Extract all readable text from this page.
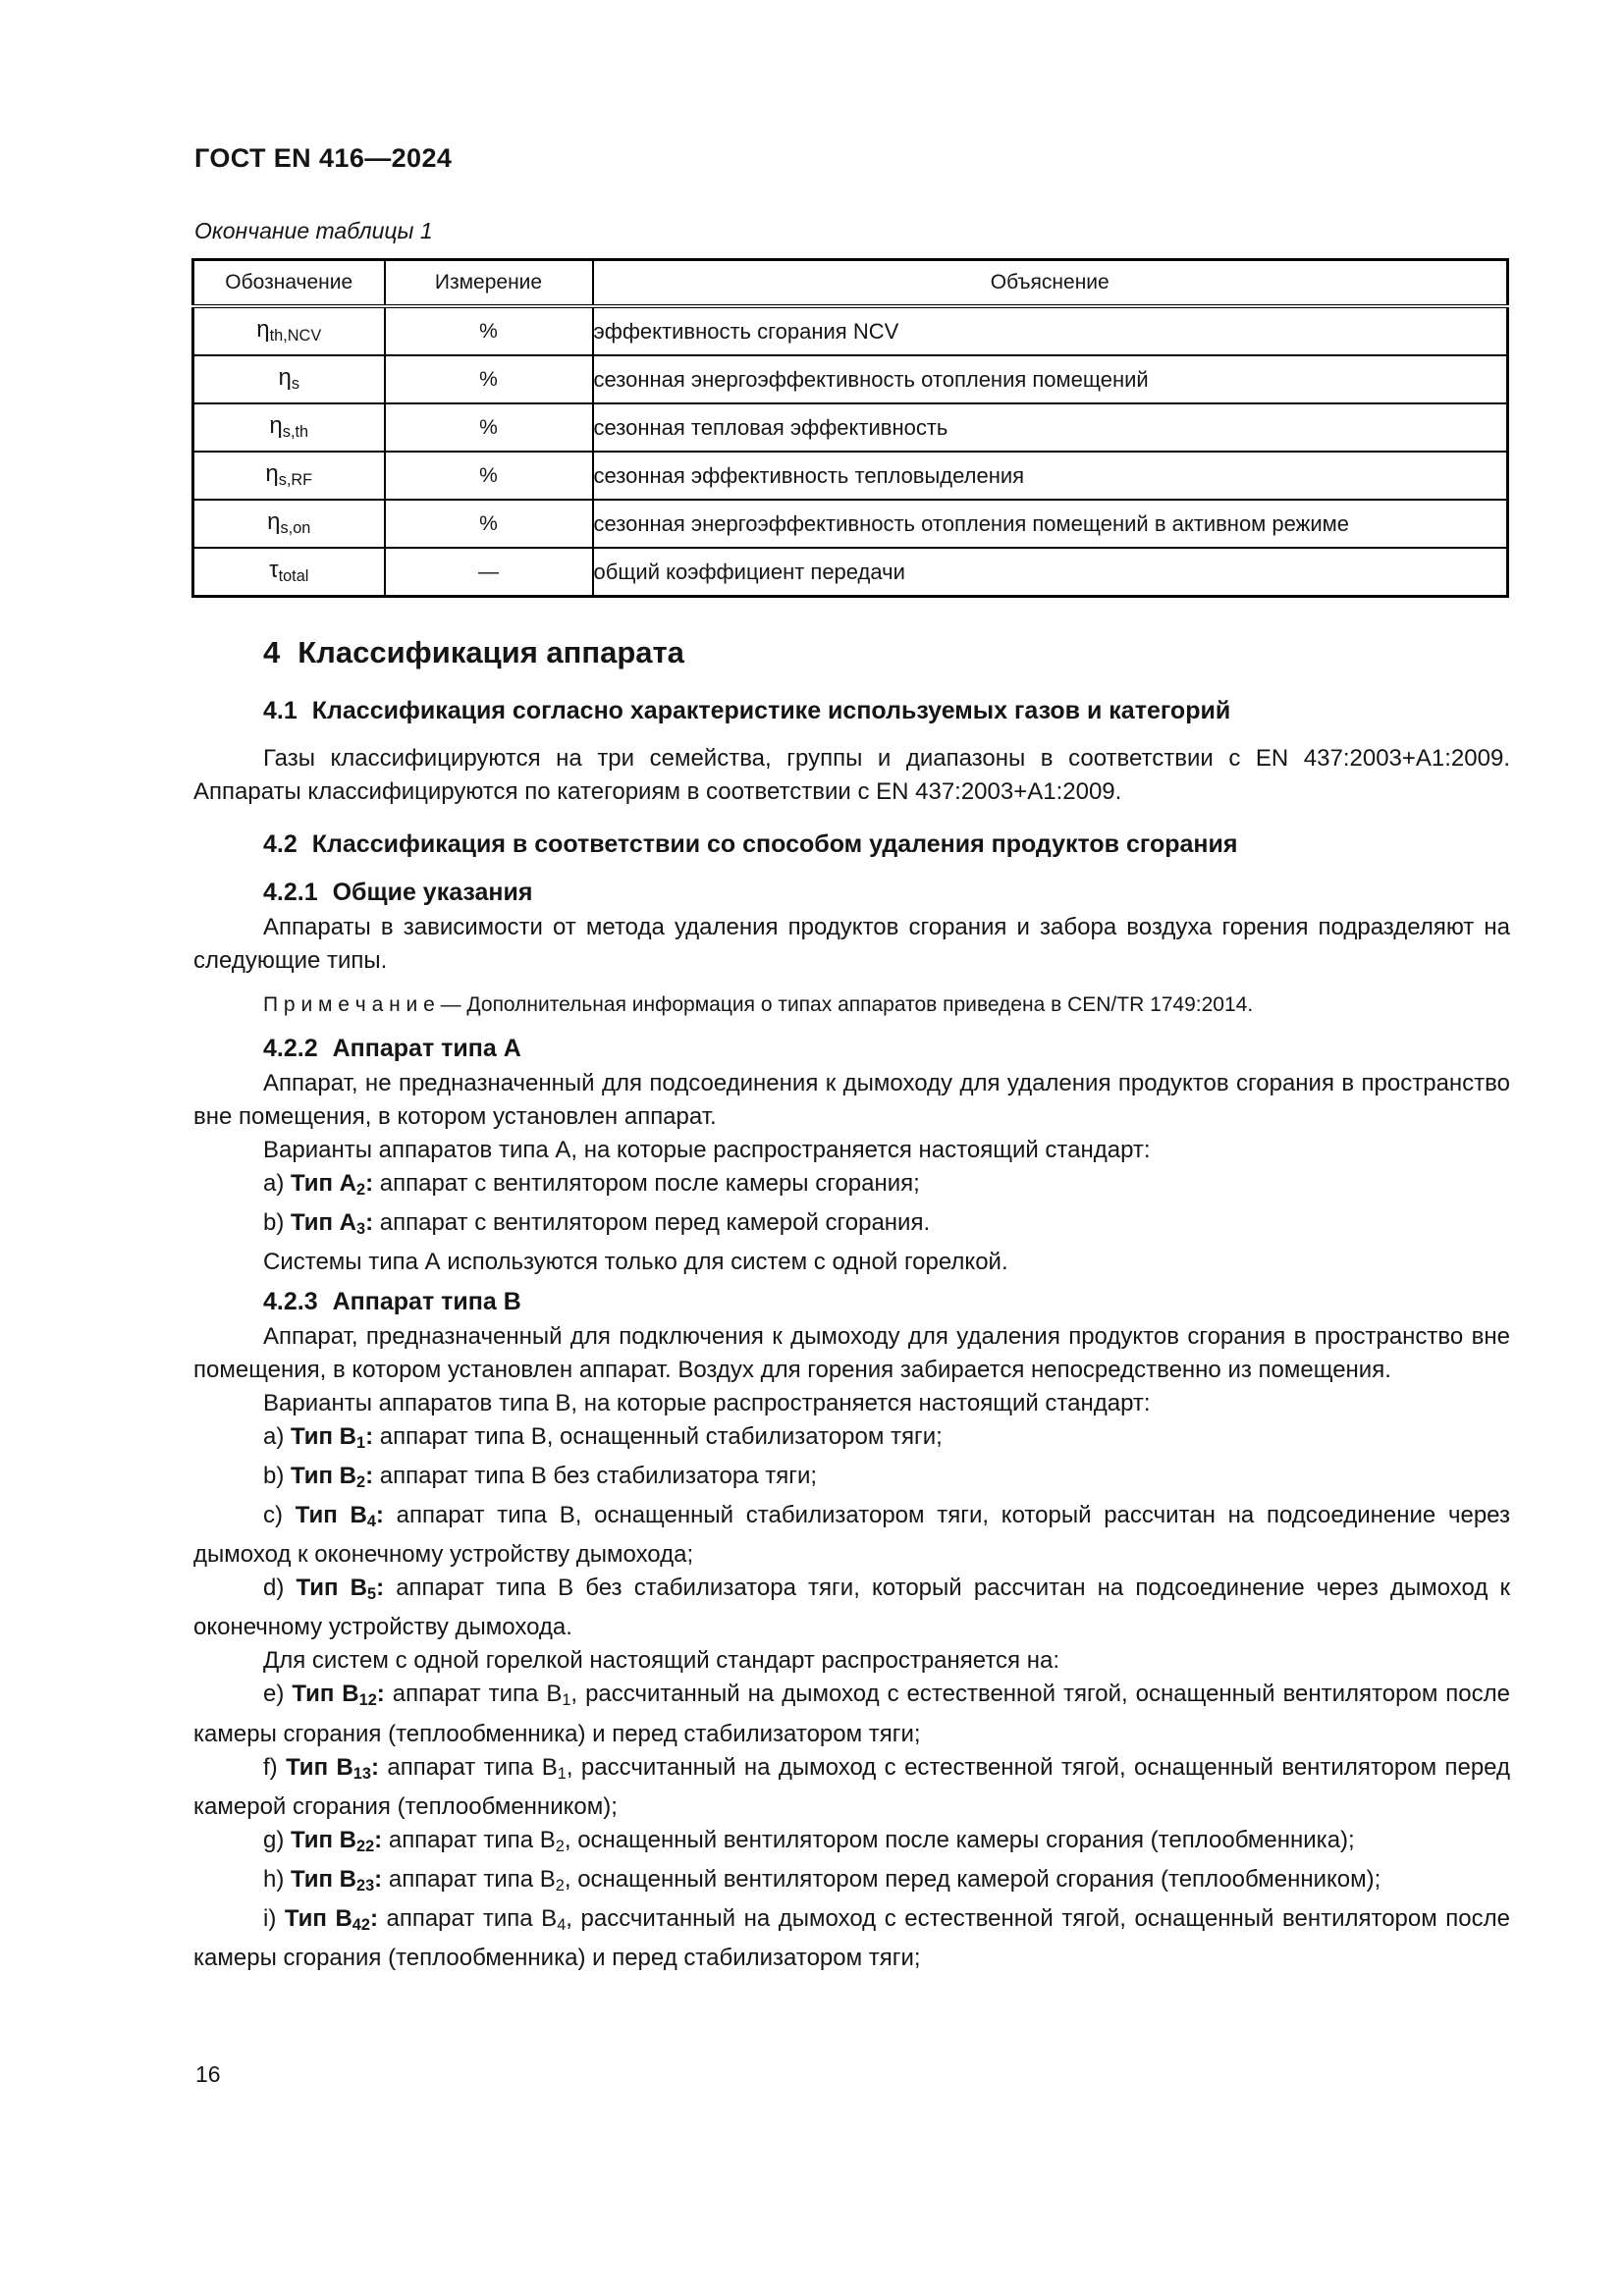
ГОСТ EN 416—2024
Окончание таблицы 1
Обозначение	Измерение	Объяснение
$\eta_{th,NCV}$	%	эффективность сгорания NCV
$\eta_s$	%	сезонная энергоэффективность отопления помещений
$\eta_{s,th}$	%	сезонная тепловая эффективность
$\eta_{s,RF}$	%	сезонная эффективность тепловыделения
$\eta_{s,on}$	%	сезонная энергоэффективность отопления помещений в активном режиме
$\tau_{total}$	—	общий коэффициент передачи
4 Классификация аппарата
4.1 Классификация согласно характеристике используемых газов и категорий

Газы классифицируются на три семейства, группы и диапазоны в соответствии с EN 437:2003+A1:2009. Аппараты классифицируются по категориям в соответствии с EN 437:2003+A1:2009.

4.2 Классификация в соответствии со способом удаления продуктов сгорания
4.2.1 Общие указания

Аппараты в зависимости от метода удаления продуктов сгорания и забора воздуха горения подразделяют на следующие типы.

П р и м е ч а н и е — Дополнительная информация о типах аппаратов приведена в CEN/TR 1749:2014.

4.2.2 Аппарат типа А

Аппарат, не предназначенный для подсоединения к дымоходу для удаления продуктов сгорания в пространство вне помещения, в котором установлен аппарат.

Варианты аппаратов типа А, на которые распространяется настоящий стандарт:

a) Тип $А_2$: аппарат с вентилятором после камеры сгорания;

b) Тип $А_3$: аппарат с вентилятором перед камерой сгорания.

Системы типа А используются только для систем с одной горелкой.

4.2.3 Аппарат типа В

Аппарат, предназначенный для подключения к дымоходу для удаления продуктов сгорания в пространство вне помещения, в котором установлен аппарат. Воздух для горения забирается непосредственно из помещения.

Варианты аппаратов типа В, на которые распространяется настоящий стандарт:

a) Тип $B_1$: аппарат типа B, оснащенный стабилизатором тяги;

b) Тип $B_2$: аппарат типа B без стабилизатора тяги;

c) Тип $B_4$: аппарат типа B, оснащенный стабилизатором тяги, который рассчитан на подсоединение через дымоход к оконечному устройству дымохода;

d) Тип $B_5$: аппарат типа B без стабилизатора тяги, который рассчитан на подсоединение через дымоход к оконечному устройству дымохода.

Для систем с одной горелкой настоящий стандарт распространяется на:

e) Тип $B_{12}$: аппарат типа $B_1$, рассчитанный на дымоход с естественной тягой, оснащенный вентилятором после камеры сгорания (теплообменника) и перед стабилизатором тяги;

f) Тип $B_{13}$: аппарат типа $B_1$, рассчитанный на дымоход с естественной тягой, оснащенный вентилятором перед камерой сгорания (теплообменником);

g) Тип $B_{22}$: аппарат типа $B_2$, оснащенный вентилятором после камеры сгорания (теплообменника);

h) Тип $B_{23}$: аппарат типа $B_2$, оснащенный вентилятором перед камерой сгорания (теплообменником);

i) Тип $B_{42}$: аппарат типа $B_4$, рассчитанный на дымоход с естественной тягой, оснащенный вентилятором после камеры сгорания (теплообменника) и перед стабилизатором тяги;

16
